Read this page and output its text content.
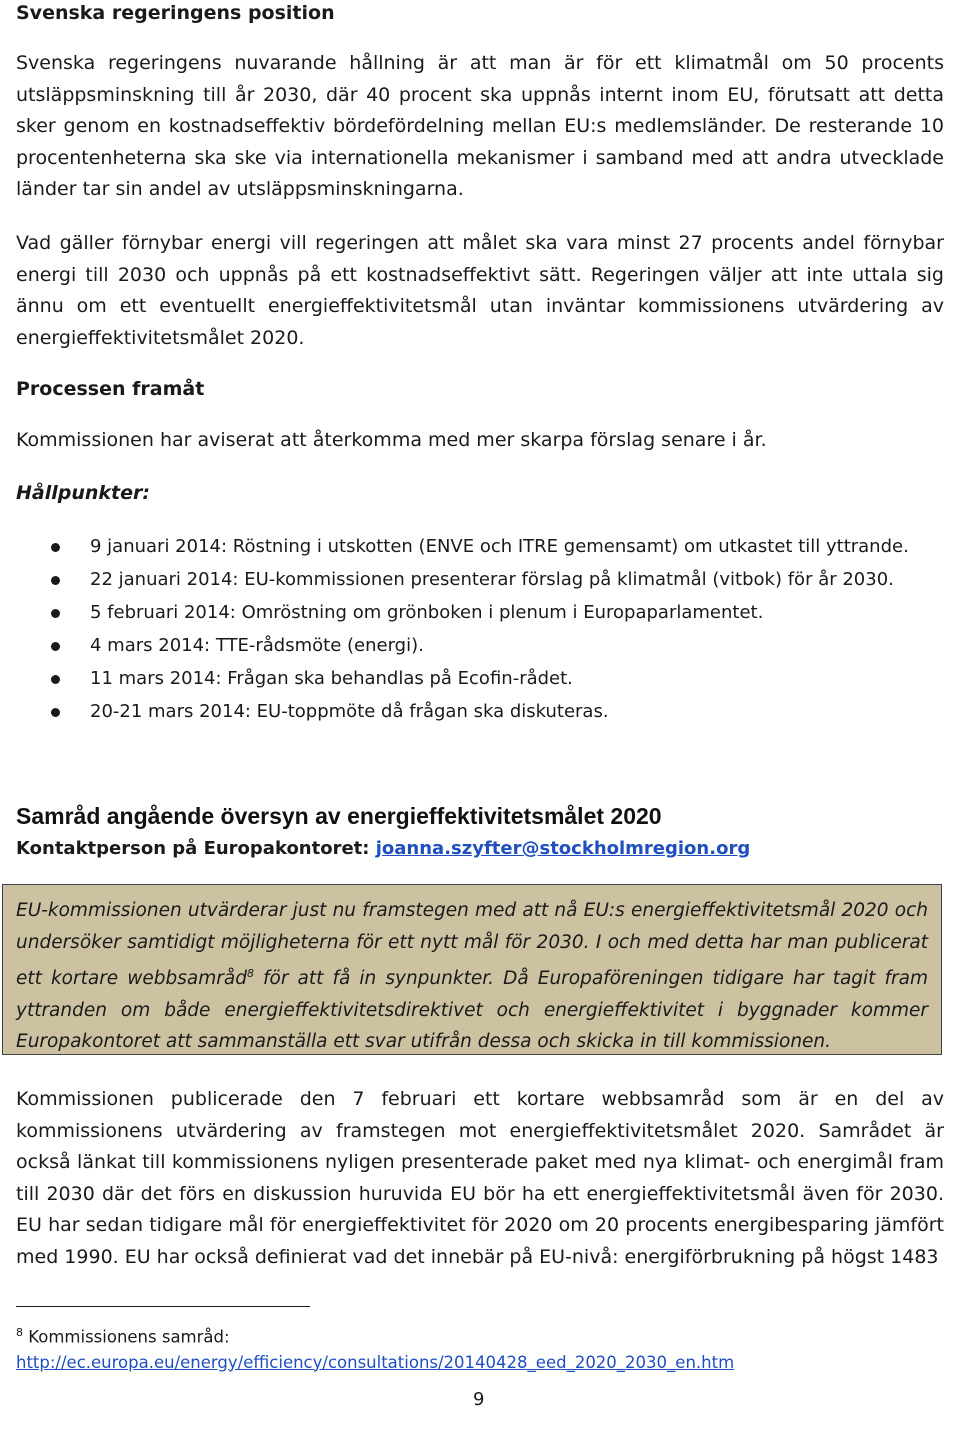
Svenska regeringens position

Svenska regeringens nuvarande hållning är att man är för ett klimatmål om 50 procents utsläppsminskning till år 2030, där 40 procent ska uppnås internt inom EU, förutsatt att detta sker genom en kostnadseffektiv bördefördelning mellan EU:s medlemsländer. De resterande 10 procentenheterna ska ske via internationella mekanismer i samband med att andra utvecklade länder tar sin andel av utsläppsminskningarna.

Vad gäller förnybar energi vill regeringen att målet ska vara minst 27 procents andel förnybar energi till 2030 och uppnås på ett kostnadseffektivt sätt. Regeringen väljer att inte uttala sig ännu om ett eventuellt energieffektivitetsmål utan inväntar kommissionens utvärdering av energieffektivitetsmålet 2020.

Processen framåt
Kommissionen har aviserat att återkomma med mer skarpa förslag senare i år.
Hållpunkter:
9 januari 2014: Röstning i utskotten (ENVE och ITRE gemensamt) om utkastet till yttrande.
22 januari 2014: EU-kommissionen presenterar förslag på klimatmål (vitbok) för år 2030.
5 februari 2014: Omröstning om grönboken i plenum i Europaparlamentet.
4 mars 2014: TTE-rådsmöte (energi).
11 mars 2014: Frågan ska behandlas på Ecofin-rådet.
20-21 mars 2014: EU-toppmöte då frågan ska diskuteras.
Samråd angående översyn av energieffektivitetsmålet 2020
Kontaktperson på Europakontoret: joanna.szyfter@stockholmregion.org

EU-kommissionen utvärderar just nu framstegen med att nå EU:s energieffektivitetsmål 2020 och undersöker samtidigt möjligheterna för ett nytt mål för 2030. I och med detta har man publicerat ett kortare webbsamråd$^8$ för att få in synpunkter. Då Europaföreningen tidigare har tagit fram yttranden om både energieffektivitetsdirektivet och energieffektivitet i byggnader kommer Europakontoret att sammanställa ett svar utifrån dessa och skicka in till kommissionen.

Kommissionen publicerade den 7 februari ett kortare webbsamråd som är en del av kommissionens utvärdering av framstegen mot energieffektivitetsmålet 2020. Samrådet är också länkat till kommissionens nyligen presenterade paket med nya klimat- och energimål fram till 2030 där det förs en diskussion huruvida EU bör ha ett energieffektivitetsmål även för 2030. EU har sedan tidigare mål för energieffektivitet för 2020 om 20 procents energibesparing jämfört med 1990. EU har också definierat vad det innebär på EU-nivå: energiförbrukning på högst 1483

$^8$ Kommissionens samråd:
http://ec.europa.eu/energy/efficiency/consultations/20140428_eed_2020_2030_en.htm
9
